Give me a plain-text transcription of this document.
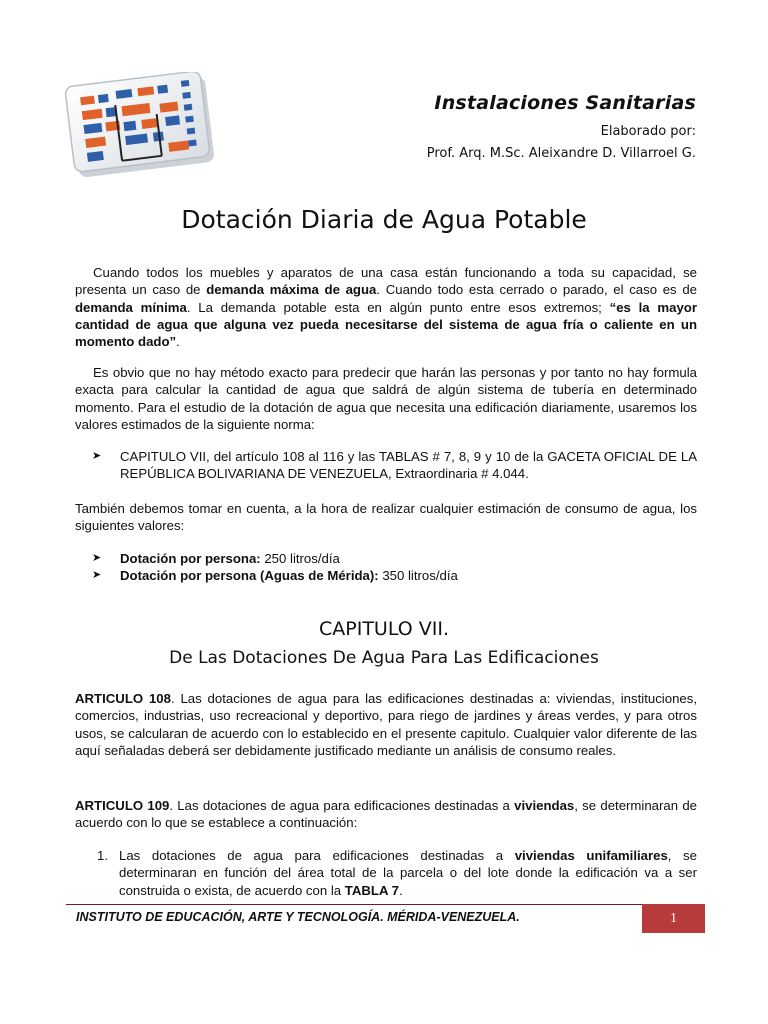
Instalaciones Sanitarias
Elaborado por:
Prof. Arq. M.Sc. Aleixandre D. Villarroel G.
Dotación Diaria de Agua Potable
Cuando todos los muebles y aparatos de una casa están funcionando a toda su capacidad, se presenta un caso de demanda máxima de agua. Cuando todo esta cerrado o parado, el caso es de demanda mínima. La demanda potable esta en algún punto entre esos extremos; “es la mayor cantidad de agua que alguna vez pueda necesitarse del sistema de agua fría o caliente en un momento dado”.
Es obvio que no hay método exacto para predecir que harán las personas y por tanto no hay formula exacta para calcular la cantidad de agua que saldrá de algún sistema de tubería en determinado momento. Para el estudio de la dotación de agua que necesita una edificación diariamente, usaremos los valores estimados de la siguiente norma:
➤ CAPITULO VII, del artículo 108 al 116 y las TABLAS # 7, 8, 9 y 10 de la GACETA OFICIAL DE LA REPÚBLICA BOLIVARIANA DE VENEZUELA, Extraordinaria # 4.044.
También debemos tomar en cuenta, a la hora de realizar cualquier estimación de consumo de agua, los siguientes valores:
➤ Dotación por persona: 250 litros/día
➤ Dotación por persona (Aguas de Mérida): 350 litros/día
CAPITULO VII.
De Las Dotaciones De Agua Para Las Edificaciones
ARTICULO 108. Las dotaciones de agua para las edificaciones destinadas a: viviendas, instituciones, comercios, industrias, uso recreacional y deportivo, para riego de jardines y áreas verdes, y para otros usos, se calcularan de acuerdo con lo establecido en el presente capitulo. Cualquier valor diferente de las aquí señaladas deberá ser debidamente justificado mediante un análisis de consumo reales.
ARTICULO 109. Las dotaciones de agua para edificaciones destinadas a viviendas, se determinaran de acuerdo con lo que se establece a continuación:
1. Las dotaciones de agua para edificaciones destinadas a viviendas unifamiliares, se determinaran en función del área total de la parcela o del lote donde la edificación va a ser construida o exista, de acuerdo con la TABLA 7.
INSTITUTO DE EDUCACIÓN, ARTE Y TECNOLOGÍA. MÉRIDA-VENEZUELA.	1
